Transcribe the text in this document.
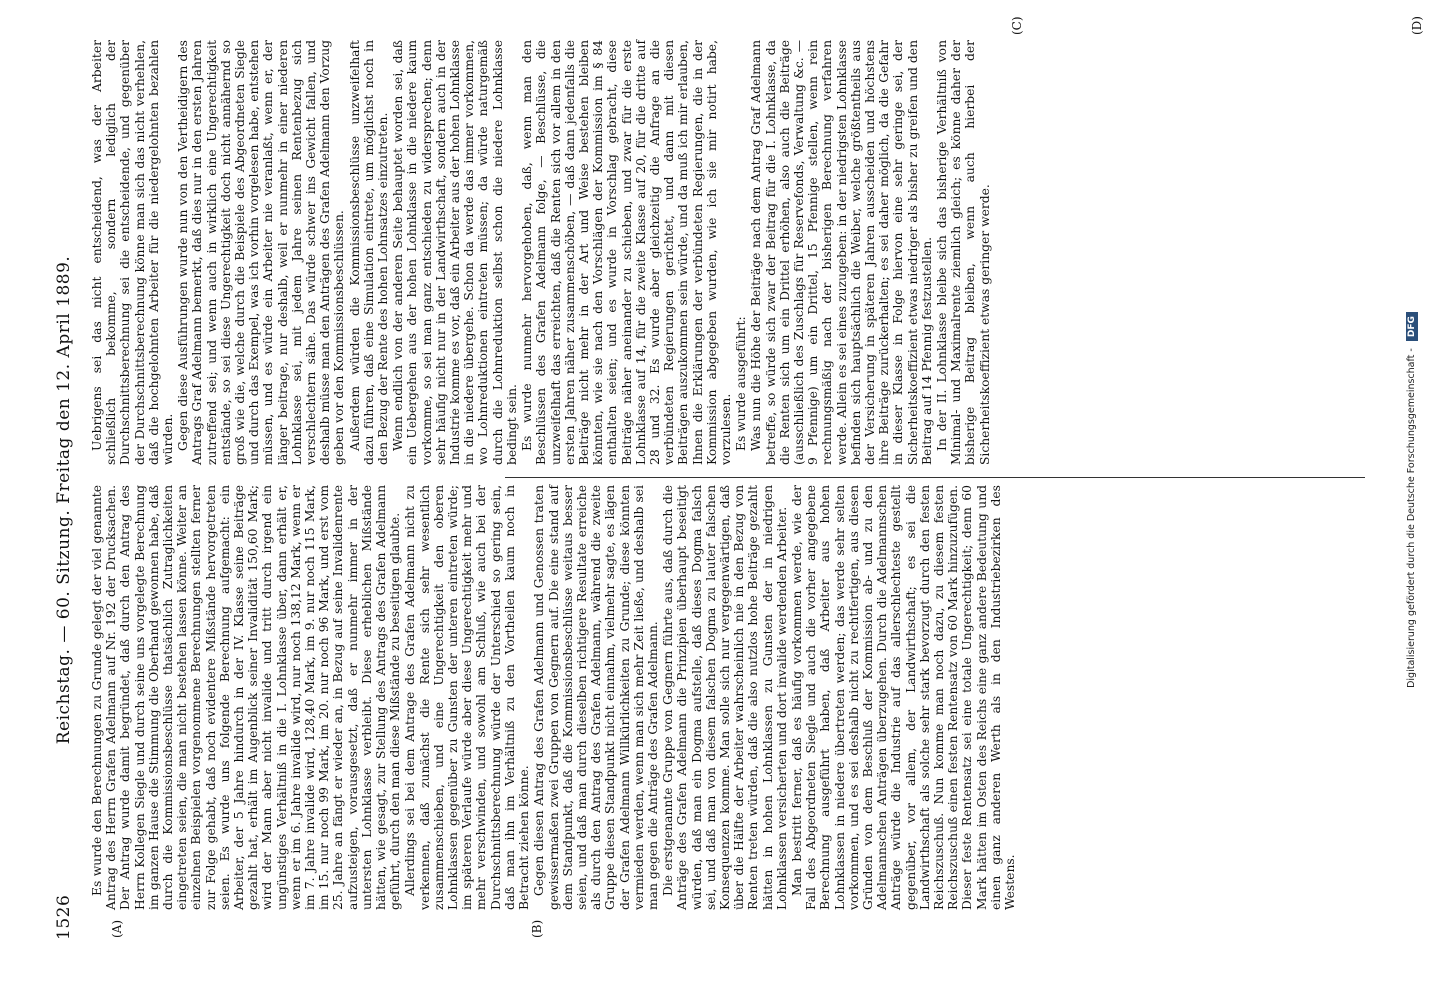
1526
Reichstag. — 60. Sitzung. Freitag den 12. April 1889.
(A)	(B)
(C)	(D)

Es wurde den Berechnungen zu Grunde gelegt der viel genannte Antrag des Herrn Grafen Adelmann auf Nr. 192 der Drucksachen. Der Antrag wurde damit begründet, daß durch den Antrag des Herrn Kollegen Siegle und durch seine uns vorgelegte Berechnung im ganzen Hause die Stimmung die Oberhand gewonnen habe, daß durch die Kommissionsbeschlüsse thatsächlich Zutraglichkeiten eingetreten seien, die man nicht bestehen lassen könne. Weiter an einzelnen Beispielen vorgenommene Berechnungen stellten ferner zur Folge gehabt, daß noch evidentere Mißstände hervorgetreten seien. Es wurde uns folgende Berechnung aufgemacht: ein Arbeiter, der 5 Jahre hindurch in der IV. Klasse seine Beiträge gezahlt hat, erhält im Augenblick seiner Invalidität 150,60 Mark; wird der Mann aber nicht invalide und tritt durch irgend ein ungünstiges Verhältniß in die I. Lohnklasse über, dann erhält er, wenn er im 6. Jahre invalide wird, nur noch 138,12 Mark, wenn er im 7. Jahre invalide wird, 128,40 Mark, im 9. nur noch 115 Mark, im 15. nur noch 99 Mark, im 20. nur noch 96 Mark, und erst vom 25. Jahre an fängt er wieder an, in Bezug auf seine Invalidenrente aufzusteigen, vorausgesetzt, daß er nunmehr immer in der untersten Lohnklasse verbleibt. Diese erheblichen Mißstände hätten, wie gesagt, zur Stellung des Antrags des Grafen Adelmann geführt, durch den man diese Mißstände zu beseitigen glaubte. Allerdings sei bei dem Antrage des Grafen Adelmann nicht zu verkennen, daß zunächst die Rente sich sehr wesentlich zusammenschieben, und eine Ungerechtigkeit den oberen Lohnklassen gegenüber zu Gunsten der unteren eintreten würde; im späteren Verlaufe würde aber diese Ungerechtigkeit mehr und mehr verschwinden, und sowohl am Schluß, wie auch bei der Durchschnittsberechnung würde der Unterschied so gering sein, daß man ihn im Verhältniß zu den Vortheilen kaum noch in Betracht ziehen könne. Gegen diesen Antrag des Grafen Adelmann und Genossen traten gewissermaßen zwei Gruppen von Gegnern auf. Die eine stand auf dem Standpunkt, daß die Kommissionsbeschlüsse weitaus besser seien, und daß man durch dieselben richtigere Resultate erreiche als durch den Antrag des Grafen Adelmann, während die zweite Gruppe diesen Standpunkt nicht einnahm, vielmehr sagte, es lägen der Grafen Adelmann Willkürlichkeiten zu Grunde; diese könnten vermieden werden, wenn man sich mehr Zeit ließe, und deshalb sei man gegen die Anträge des Grafen Adelmann. Die erstgenannte Gruppe von Gegnern führte aus, daß durch die Anträge des Grafen Adelmann die Prinzipien überhaupt beseitigt würden, daß man ein Dogma aufstelle, daß dieses Dogma falsch sei, und daß man von diesem falschen Dogma zu lauter falschen Konsequenzen komme. Man solle sich nur vergegenwärtigen, daß über die Hälfte der Arbeiter wahrscheinlich nie in den Bezug von Renten treten würden, daß die also nutzlos hohe Beiträge gezahlt hätten in hohen Lohnklassen zu Gunsten der in niedrigen Lohnklassen versicherten und dort invalide werdenden Arbeiter. Man bestritt ferner, daß es häufig vorkommen werde, wie der Fall des Abgeordneten Siegle und auch die vorher angegebene Berechnung ausgeführt haben, daß Arbeiter aus hohen Lohnklassen in niedere übertreten werden; das werde sehr selten vorkommen, und es sei deshalb nicht zu rechtfertigen, aus diesen Gründen von dem Beschluß der Kommission ab- und zu den Adelmannschen Anträgen überzugehen. Durch die Adelmannschen Anträge würde die Industrie auf das allerschlechteste gestellt gegenüber, vor allem, der Landwirthschaft; es sei die Landwirthschaft als solche sehr stark bevorzugt durch den festen Reichszuschuß. Nun komme man noch dazu, zu diesem festen Reichszuschuß einen festen Rentensatz von 60 Mark hinzuzufügen. Dieser feste Rentensatz sei eine totale Ungerechtigkeit; denn 60 Mark hätten im Osten des Reichs eine ganz andere Bedeutung und einen ganz anderen Werth als in den Industriebezirken des Westens.

Uebrigens sei das nicht entscheidend, was der Arbeiter schließlich bekomme, sondern lediglich der Durchschnittsberechnung sei die entscheidende, und gegenüber der Durchschnittsberechnung könne man sich das nicht verhehlen, daß die hochgelohnten Arbeiter für die niedergelohnten bezahlen würden. Gegen diese Ausführungen wurde nun von den Vertheidigern des Antrags Graf Adelmann bemerkt, daß dies nur in den ersten Jahren zutreffend sei; und wenn auch in wirklich eine Ungerechtigkeit entstände, so sei diese Ungerechtigkeit doch nicht annähernd so groß wie die, welche durch die Beispiele des Abgeordneten Siegle und durch das Exempel, was ich vorhin vorgelesen habe, entstehen müssen, und es würde ein Arbeiter nie veranlaßt, wenn er, der länger beitrage, nur deshalb, weil er nunmehr in einer niederen Lohnklasse sei, mit jedem Jahre seinen Rentenbezug sich verschlechtern sähe. Das würde schwer ins Gewicht fallen, und deshalb müsse man den Anträgen des Grafen Adelmann den Vorzug geben vor den Kommissionsbeschlüssen. Außerdem würden die Kommissionsbeschlüsse unzweifelhaft dazu führen, daß eine Simulation eintrete, um möglichst noch in den Bezug der Rente des hohen Lohnsatzes einzutreten. Wenn endlich von der anderen Seite behauptet worden sei, daß ein Uebergehen aus der hohen Lohnklasse in die niedere kaum vorkomme, so sei man ganz entschieden zu widersprechen; denn sehr häufig nicht nur in der Landwirthschaft, sondern auch in der Industrie komme es vor, daß ein Arbeiter aus der hohen Lohnklasse in die niedere übergehe. Schon da werde das immer vorkommen, wo Lohnreduktionen eintreten müssen; da würde naturgemäß durch die Lohnreduktion selbst schon die niedere Lohnklasse bedingt sein. Es wurde nunmehr hervorgehoben, daß, wenn man den Beschlüssen des Grafen Adelmann folge, — Beschlüsse, die unzweifelhaft das erreichten, daß die Renten sich vor allem in den ersten Jahren näher zusammenschöben, — daß dann jedenfalls die Beiträge nicht mehr in der Art und Weise bestehen bleiben könnten, wie sie nach den Vorschlägen der Kommission im § 84 enthalten seien; und es wurde in Vorschlag gebracht, diese Beiträge näher aneinander zu schieben, und zwar für die erste Lohnklasse auf 14, für die zweite Klasse auf 20, für die dritte auf 28 und 32. Es wurde aber gleichzeitig die Anfrage an die verbündeten Regierungen gerichtet, und dann mit diesen Beiträgen auszukommen sein würde, und da muß ich mir erlauben, Ihnen die Erklärungen der verbündeten Regierungen, die in der Kommission abgegeben wurden, wie ich sie mir notirt habe, vorzulesen. Es wurde ausgeführt: Was nun die Höhe der Beiträge nach dem Antrag Graf Adelmann betreffe, so würde sich zwar der Beitrag für die I. Lohnklasse, da die Renten sich um ein Drittel erhöhen, also auch die Beiträge (ausschließlich des Zuschlags für Reservefonds, Verwaltung &c. — 9 Pfennige) um ein Drittel, 15 Pfennige stellen, wenn rein rechnungsmäßig nach der bisherigen Berechnung verfahren werde. Allein es sei eines zuzugeben: in der niedrigsten Lohnklasse befinden sich hauptsächlich die Weiber, welche größtentheils aus der Versicherung in späteren Jahren ausscheiden und höchstens ihre Beiträge zurückerhalten; es sei daher möglich, da die Gefahr in dieser Klasse in Folge hiervon eine sehr geringe sei, der Sicherheitskoeffizient etwas niedriger als bisher zu greifen und den Beitrag auf 14 Pfennig festzustellen. In der II. Lohnklasse bleibe sich das bisherige Verhältniß von Minimal- und Maximalrente ziemlich gleich; es könne daher der bisherige Beitrag bleiben, wenn auch hierbei der Sicherheitskoeffizient etwas geringer werde.

Digitalisierung gefördert durch die Deutsche Forschungsgemeinschaft - DFG
